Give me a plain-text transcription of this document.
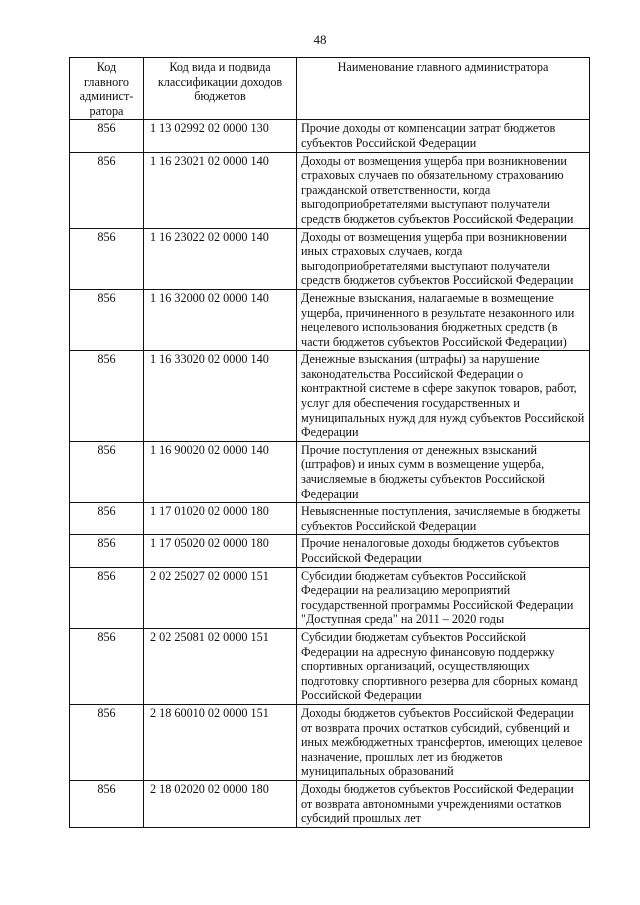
48
Код главного админист-ратора	Код вида и подвида классификации доходов бюджетов	Наименование главного администратора
856	1 13 02992 02 0000 130	Прочие доходы от компенсации затрат бюджетов субъектов Российской Федерации
856	1 16 23021 02 0000 140	Доходы от возмещения ущерба при возникновении страховых случаев по обязательному страхованию гражданской ответственности, когда выгодоприобретателями выступают получатели средств бюджетов субъектов Российской Федерации
856	1 16 23022 02 0000 140	Доходы от возмещения ущерба при возникновении иных страховых случаев, когда выгодоприобретателями выступают получатели средств бюджетов субъектов Российской Федерации
856	1 16 32000 02 0000 140	Денежные взыскания, налагаемые в возмещение ущерба, причиненного в результате незаконного или нецелевого использования бюджетных средств (в части бюджетов субъектов Российской Федерации)
856	1 16 33020 02 0000 140	Денежные взыскания (штрафы) за нарушение законодательства Российской Федерации о контрактной системе в сфере закупок товаров, работ, услуг для обеспечения государственных и муниципальных нужд для нужд субъектов Российской Федерации
856	1 16 90020 02 0000 140	Прочие поступления от денежных взысканий (штрафов) и иных сумм в возмещение ущерба, зачисляемые в бюджеты субъектов Российской Федерации
856	1 17 01020 02 0000 180	Невыясненные поступления, зачисляемые в бюджеты субъектов Российской Федерации
856	1 17 05020 02 0000 180	Прочие неналоговые доходы бюджетов субъектов Российской Федерации
856	2 02 25027 02 0000 151	Субсидии бюджетам субъектов Российской Федерации на реализацию мероприятий государственной программы Российской Федерации "Доступная среда" на 2011 – 2020 годы
856	2 02 25081 02 0000 151	Субсидии бюджетам субъектов Российской Федерации на адресную финансовую поддержку спортивных организаций, осуществляющих подготовку спортивного резерва для сборных команд Российской Федерации
856	2 18 60010 02 0000 151	Доходы бюджетов субъектов Российской Федерации от возврата прочих остатков субсидий, субвенций и иных межбюджетных трансфертов, имеющих целевое назначение, прошлых лет из бюджетов муниципальных образований
856	2 18 02020 02 0000 180	Доходы бюджетов субъектов Российской Федерации от возврата автономными учреждениями остатков субсидий прошлых лет
